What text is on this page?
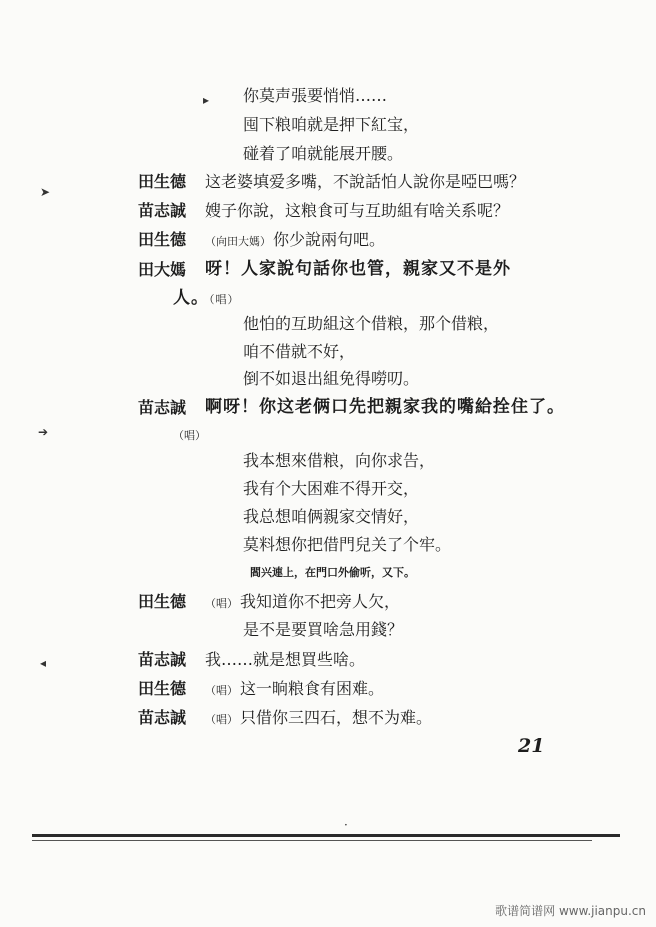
▸ 你莫声張要悄悄……
囤下粮咱就是押下紅宝，
碰着了咱就能展开腰。
➤
田生德 这老婆填爱多嘴，不說話怕人說你是啞巴嗎？
苗志誠 嫂子你說，这粮食可与互助組有啥关系呢？
田生德 （向田大媽） 你少說兩句吧。
田大媽 呀！人家說句話你也管，親家又不是外
人。（唱）
他怕的互助組这个借粮，那个借粮，
咱不借就不好，
倒不如退出組免得嘮叨。
苗志誠 啊呀！你这老俩口先把親家我的嘴給拴住了。
➔	（唱）
我本想來借粮，向你求告，
我有个大困难不得开交，
我总想咱俩親家交情好，
莫料想你把借門兒关了个牢。
閻兴連上，在門口外偷听，又下。
田生德 （唱） 我知道你不把旁人欠，
是不是要買啥急用錢？
◂	苗志誠 我……就是想買些啥。
田生德 （唱） 这一晌粮食有困难。
苗志誠 （唱） 只借你三四石，想不为难。
21
·
歌谱简谱网 www.jianpu.cn
